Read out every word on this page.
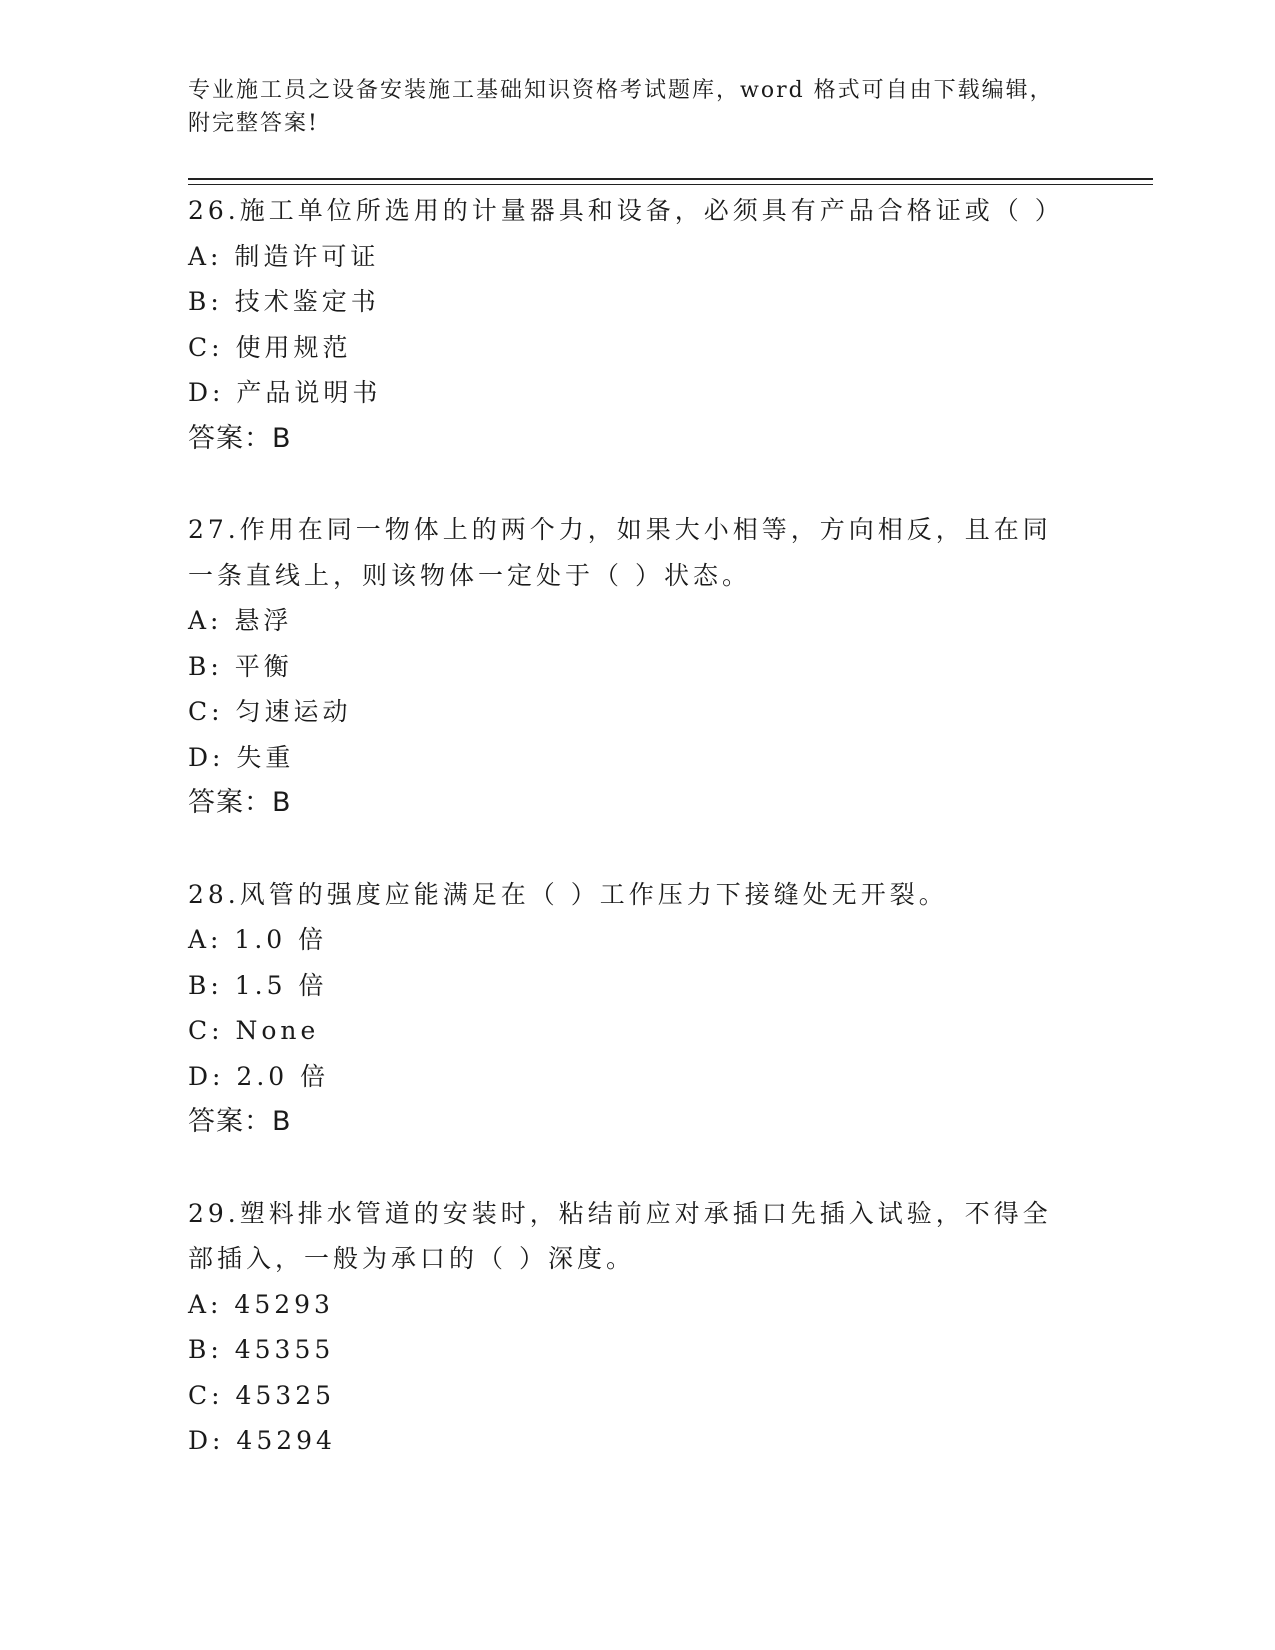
专业施工员之设备安装施工基础知识资格考试题库，word 格式可自由下载编辑，
附完整答案!

26.施工单位所选用的计量器具和设备，必须具有产品合格证或（ ）

A: 制造许可证

B: 技术鉴定书

C: 使用规范

D: 产品说明书

答案：B

27.作用在同一物体上的两个力，如果大小相等，方向相反，且在同一条直线上，则该物体一定处于（ ）状态。

A: 悬浮

B: 平衡

C: 匀速运动

D: 失重

答案：B

28.风管的强度应能满足在（ ）工作压力下接缝处无开裂。

A: 1.0 倍

B: 1.5 倍

C: None

D: 2.0 倍

答案：B

29.塑料排水管道的安装时，粘结前应对承插口先插入试验，不得全部插入，一般为承口的（ ）深度。

A: 45293

B: 45355

C: 45325

D: 45294
